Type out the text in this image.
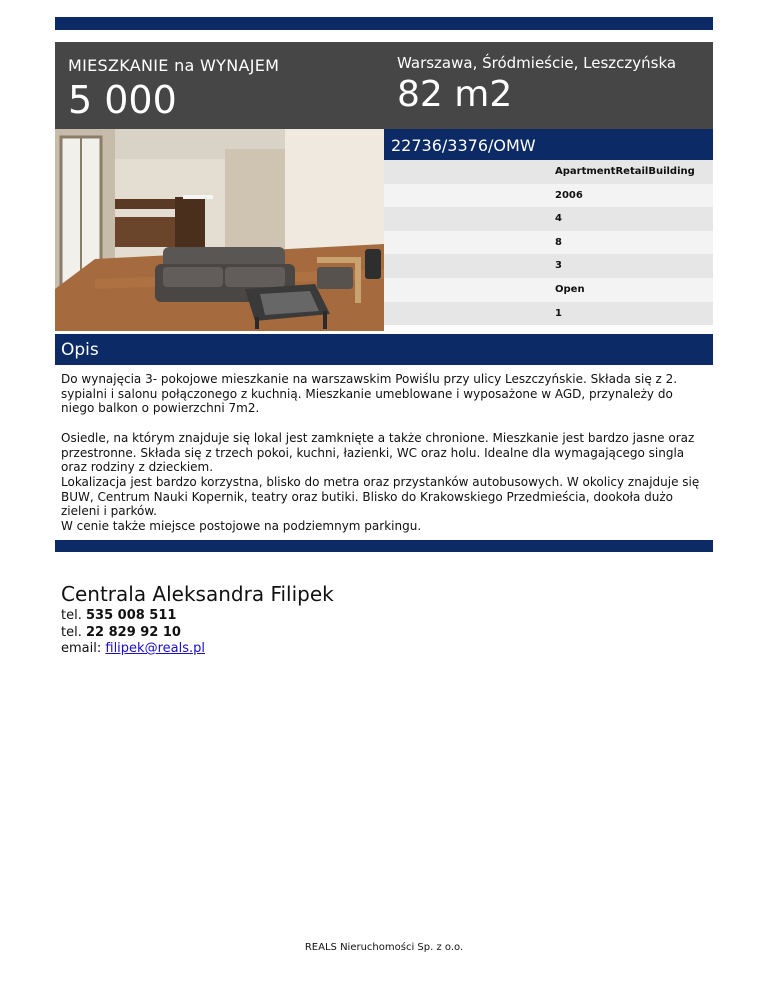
MIESZKANIE na WYNAJEM
5 000
Warszawa, Śródmieście, Leszczyńska
82 m2
22736/3376/OMW
ApartmentRetailBuilding
2006
4
8
3
Open
1
Opis

Do wynajęcia 3- pokojowe mieszkanie na warszawskim Powiślu przy ulicy Leszczyńskie. Składa się z 2. sypialni i salonu połączonego z kuchnią. Mieszkanie umeblowane i wyposażone w AGD, przynależy do niego balkon o powierzchni 7m2.

Osiedle, na którym znajduje się lokal jest zamknięte a także chronione. Mieszkanie jest bardzo jasne oraz przestronne. Składa się z trzech pokoi, kuchni, łazienki, WC oraz holu. Idealne dla wymagającego singla oraz rodziny z dzieckiem.

Lokalizacja jest bardzo korzystna, blisko do metra oraz przystanków autobusowych. W okolicy znajduje się BUW, Centrum Nauki Kopernik, teatry oraz butiki. Blisko do Krakowskiego Przedmieścia, dookoła dużo zieleni i parków.

W cenie także miejsce postojowe na podziemnym parkingu.

Centrala Aleksandra Filipek
tel. 535 008 511
tel. 22 829 92 10
email: filipek@reals.pl
REALS Nieruchomości Sp. z o.o.
